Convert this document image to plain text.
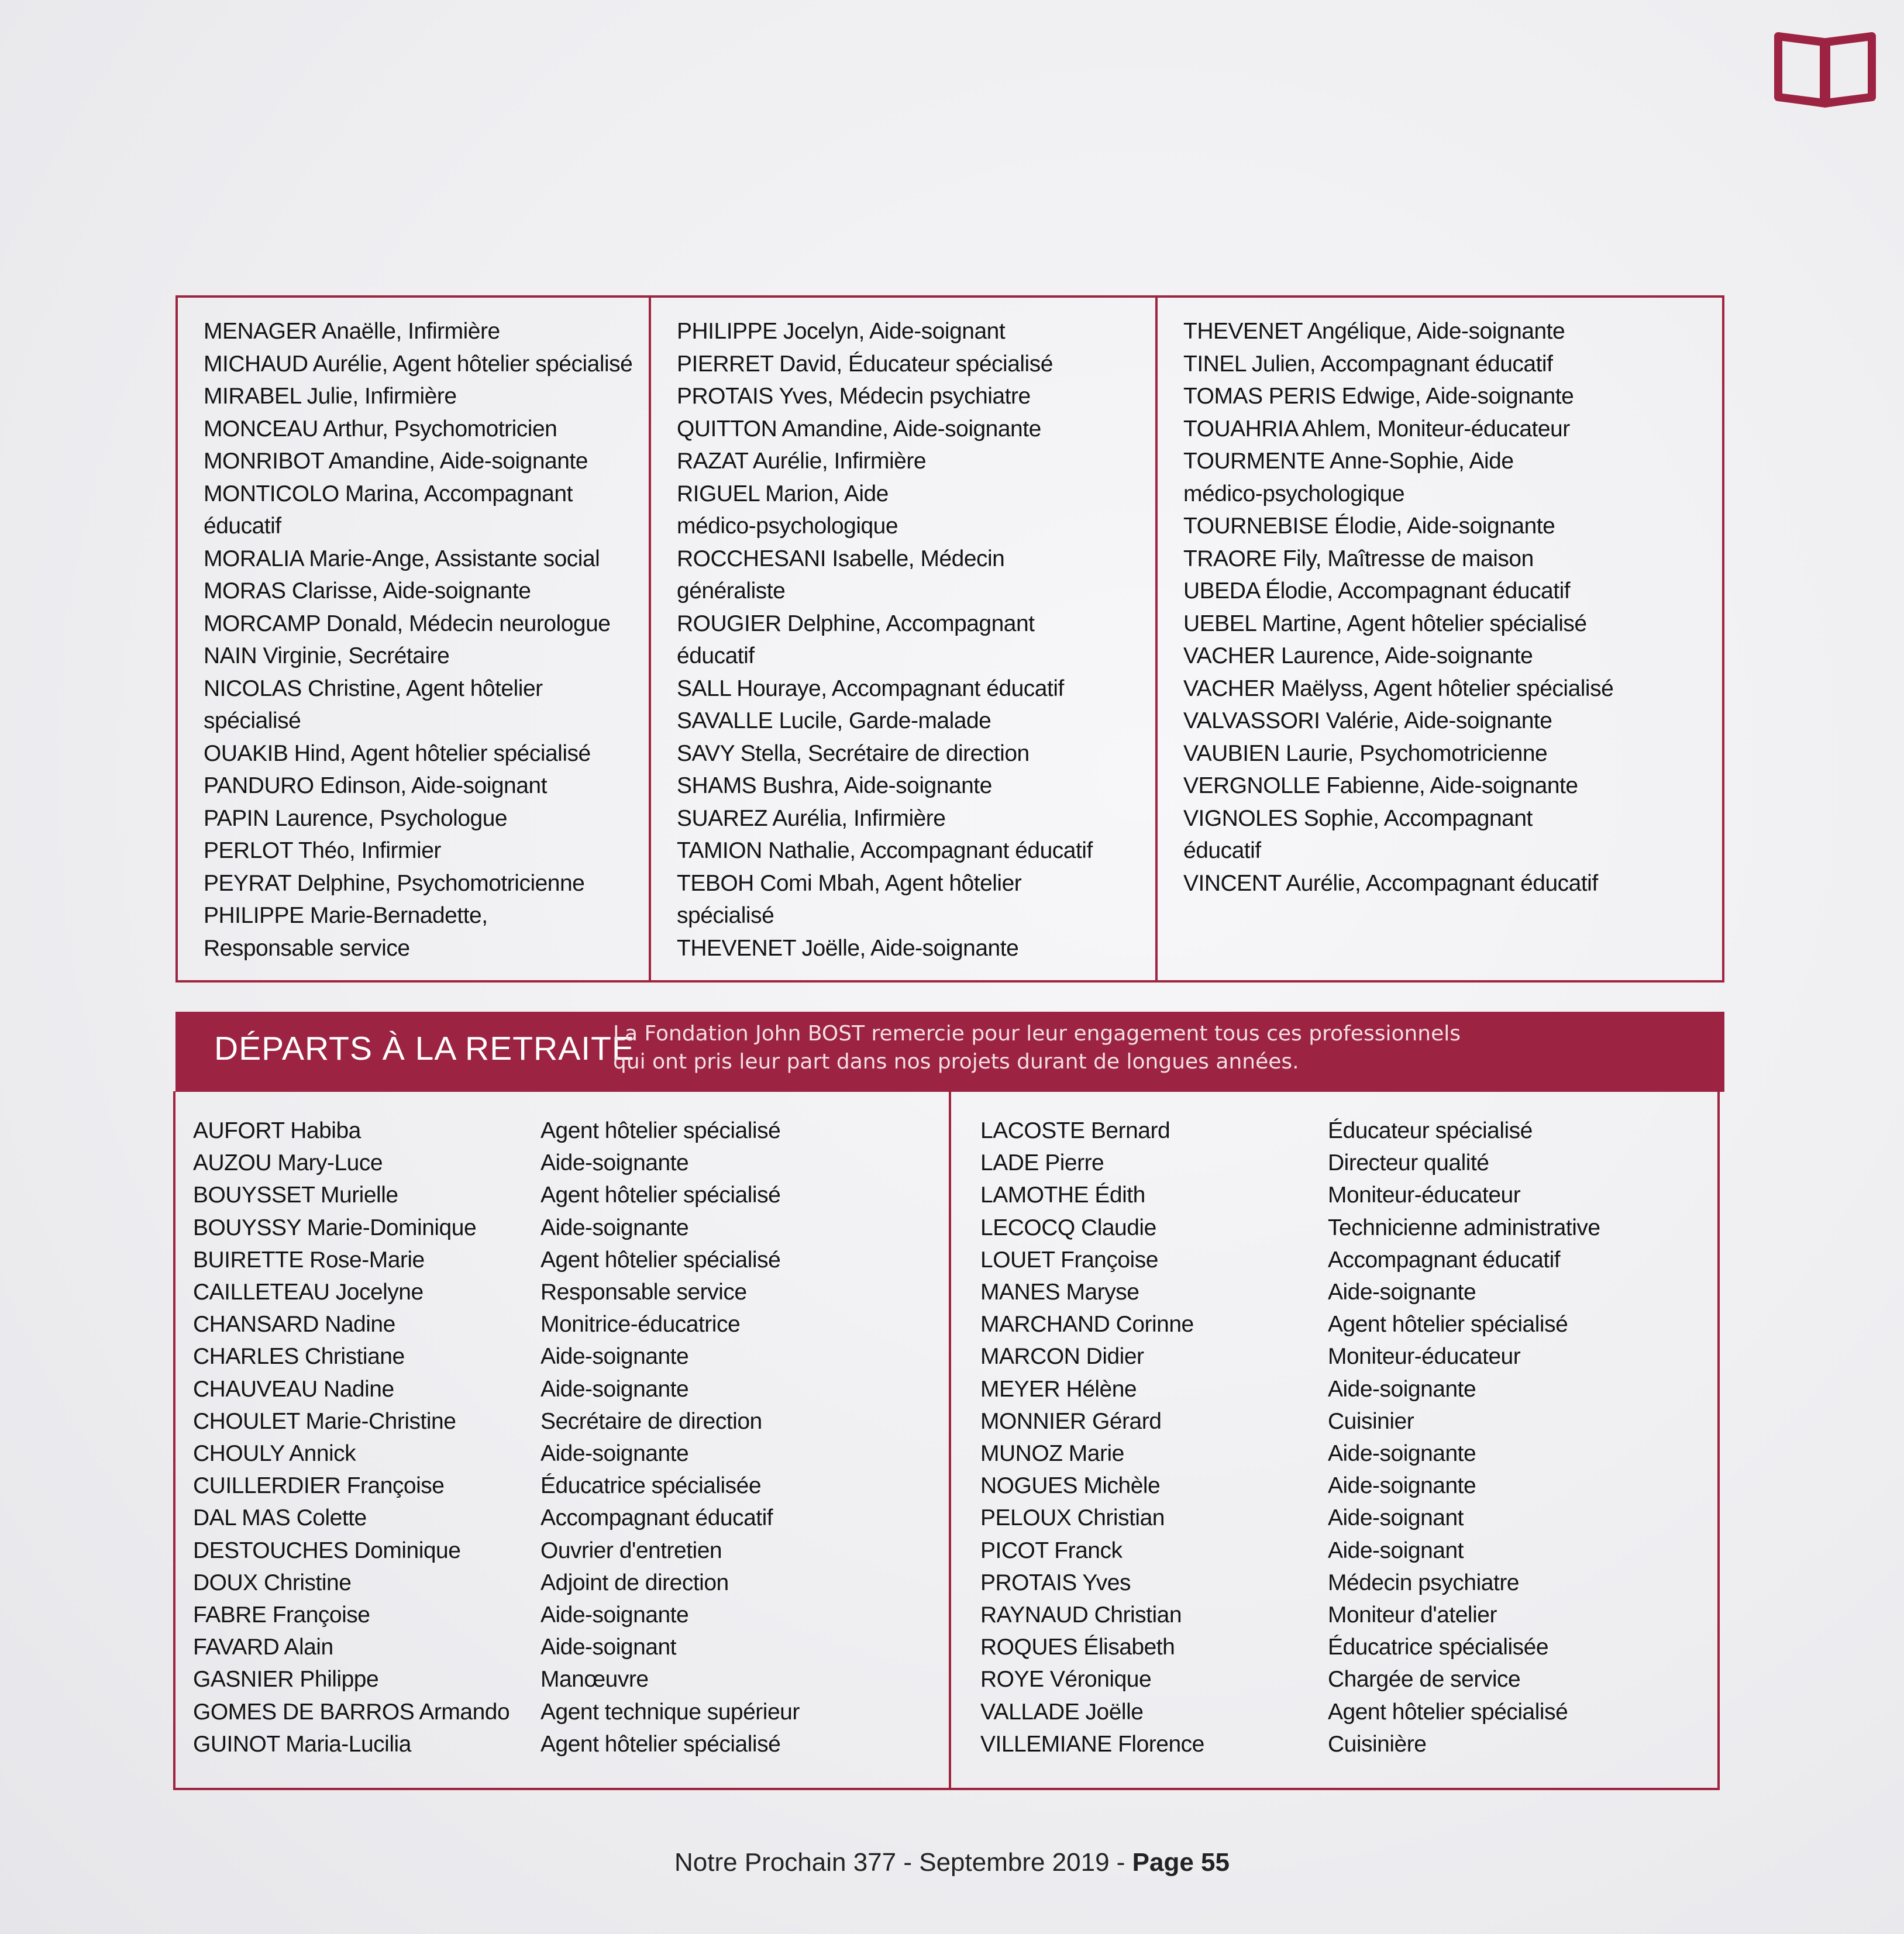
MENAGER Anaëlle, Infirmière
MICHAUD Aurélie, Agent hôtelier spécialisé
MIRABEL Julie, Infirmière
MONCEAU Arthur, Psychomotricien
MONRIBOT Amandine, Aide-soignante
MONTICOLO Marina, Accompagnant
éducatif
MORALIA Marie-Ange, Assistante social
MORAS Clarisse, Aide-soignante
MORCAMP Donald, Médecin neurologue
NAIN Virginie, Secrétaire
NICOLAS Christine, Agent hôtelier
spécialisé
OUAKIB Hind, Agent hôtelier spécialisé
PANDURO Edinson, Aide-soignant
PAPIN Laurence, Psychologue
PERLOT Théo, Infirmier
PEYRAT Delphine, Psychomotricienne
PHILIPPE Marie-Bernadette,
Responsable service
PHILIPPE Jocelyn, Aide-soignant
PIERRET David, Éducateur spécialisé
PROTAIS Yves, Médecin psychiatre
QUITTON Amandine, Aide-soignante
RAZAT Aurélie, Infirmière
RIGUEL Marion, Aide
médico-psychologique
ROCCHESANI Isabelle, Médecin
généraliste
ROUGIER Delphine, Accompagnant
éducatif
SALL Houraye, Accompagnant éducatif
SAVALLE Lucile, Garde-malade
SAVY Stella, Secrétaire de direction
SHAMS Bushra, Aide-soignante
SUAREZ Aurélia, Infirmière
TAMION Nathalie, Accompagnant éducatif
TEBOH Comi Mbah, Agent hôtelier
spécialisé
THEVENET Joëlle, Aide-soignante
THEVENET Angélique, Aide-soignante
TINEL Julien, Accompagnant éducatif
TOMAS PERIS Edwige, Aide-soignante
TOUAHRIA Ahlem, Moniteur-éducateur
TOURMENTE Anne-Sophie, Aide
médico-psychologique
TOURNEBISE Élodie, Aide-soignante
TRAORE Fily, Maîtresse de maison
UBEDA Élodie, Accompagnant éducatif
UEBEL Martine, Agent hôtelier spécialisé
VACHER Laurence, Aide-soignante
VACHER Maëlyss, Agent hôtelier spécialisé
VALVASSORI Valérie, Aide-soignante
VAUBIEN Laurie, Psychomotricienne
VERGNOLLE Fabienne, Aide-soignante
VIGNOLES Sophie, Accompagnant
éducatif
VINCENT Aurélie, Accompagnant éducatif
DÉPARTS À LA RETRAITE
La Fondation John BOST remercie pour leur engagement tous ces professionnels
qui ont pris leur part dans nos projets durant de longues années.
AUFORT Habiba	Agent hôtelier spécialisé
AUZOU Mary-Luce	Aide-soignante
BOUYSSET Murielle	Agent hôtelier spécialisé
BOUYSSY Marie-Dominique	Aide-soignante
BUIRETTE Rose-Marie	Agent hôtelier spécialisé
CAILLETEAU Jocelyne	Responsable service
CHANSARD Nadine	Monitrice-éducatrice
CHARLES Christiane	Aide-soignante
CHAUVEAU Nadine	Aide-soignante
CHOULET Marie-Christine	Secrétaire de direction
CHOULY Annick	Aide-soignante
CUILLERDIER Françoise	Éducatrice spécialisée
DAL MAS Colette	Accompagnant éducatif
DESTOUCHES Dominique	Ouvrier d'entretien
DOUX Christine	Adjoint de direction
FABRE Françoise	Aide-soignante
FAVARD Alain	Aide-soignant
GASNIER Philippe	Manœuvre
GOMES DE BARROS Armando	Agent technique supérieur
GUINOT Maria-Lucilia	Agent hôtelier spécialisé
LACOSTE Bernard	Éducateur spécialisé
LADE Pierre	Directeur qualité
LAMOTHE Édith	Moniteur-éducateur
LECOCQ Claudie	Technicienne administrative
LOUET Françoise	Accompagnant éducatif
MANES Maryse	Aide-soignante
MARCHAND Corinne	Agent hôtelier spécialisé
MARCON Didier	Moniteur-éducateur
MEYER Hélène	Aide-soignante
MONNIER Gérard	Cuisinier
MUNOZ Marie	Aide-soignante
NOGUES Michèle	Aide-soignante
PELOUX Christian	Aide-soignant
PICOT Franck	Aide-soignant
PROTAIS Yves	Médecin psychiatre
RAYNAUD Christian	Moniteur d'atelier
ROQUES Élisabeth	Éducatrice spécialisée
ROYE Véronique	Chargée de service
VALLADE Joëlle	Agent hôtelier spécialisé
VILLEMIANE Florence	Cuisinière
Notre Prochain 377 - Septembre 2019 - Page 55
